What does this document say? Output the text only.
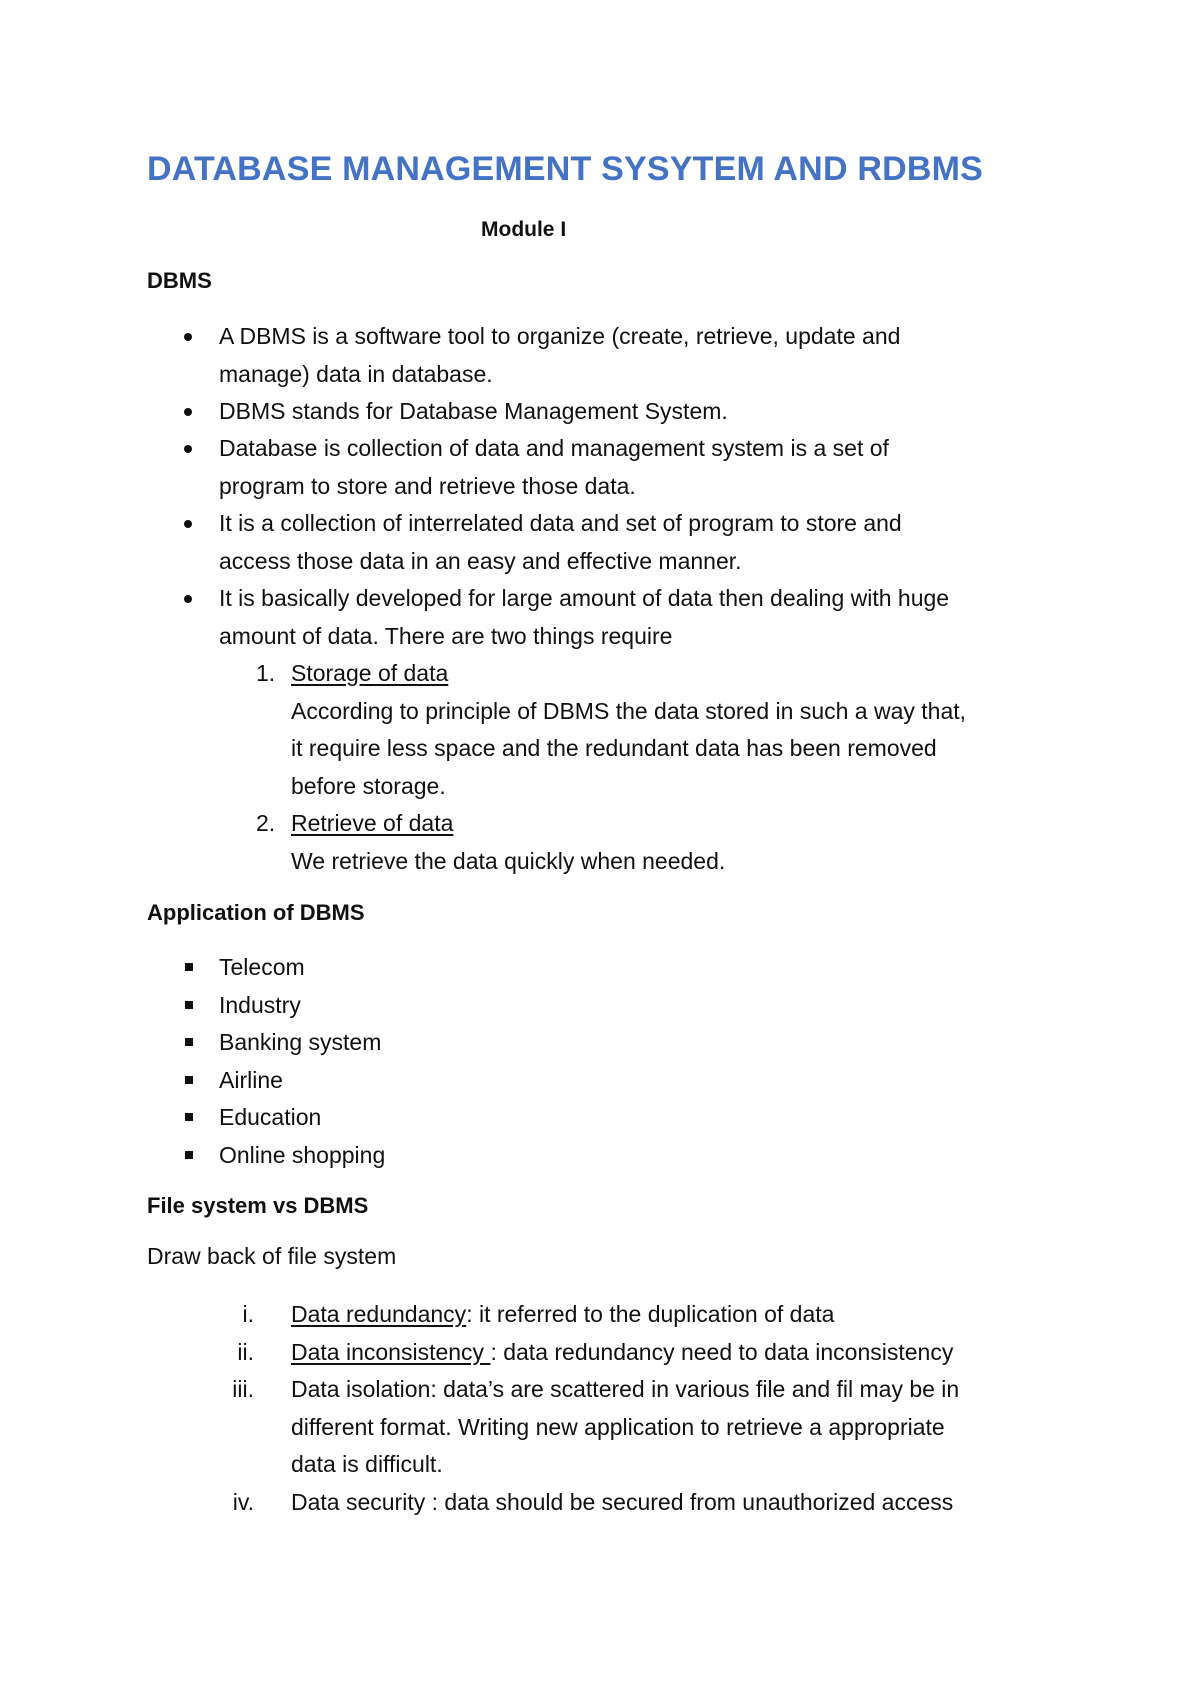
DATABASE MANAGEMENT SYSYTEM AND RDBMS
Module I
DBMS
A DBMS is a software tool to organize (create, retrieve, update and
manage) data in database.
DBMS stands for Database Management System.
Database is collection of data and management system is a set of
program to store and retrieve those data.
It is a collection of interrelated data and set of program to store and
access those data in an easy and effective manner.
It is basically developed for large amount of data then dealing with huge
amount of data. There are two things require
1. Storage of data
According to principle of DBMS the data stored in such a way that,
it require less space and the redundant data has been removed
before storage.
2. Retrieve of data
We retrieve the data quickly when needed.
Application of DBMS
Telecom
Industry
Banking system
Airline
Education
Online shopping
File system vs DBMS
Draw back of file system
i. Data redundancy: it referred to the duplication of data
ii. Data inconsistency : data redundancy need to data inconsistency
iii. Data isolation: data’s are scattered in various file and fil may be in
different format. Writing new application to retrieve a appropriate
data is difficult.
iv. Data security : data should be secured from unauthorized access
